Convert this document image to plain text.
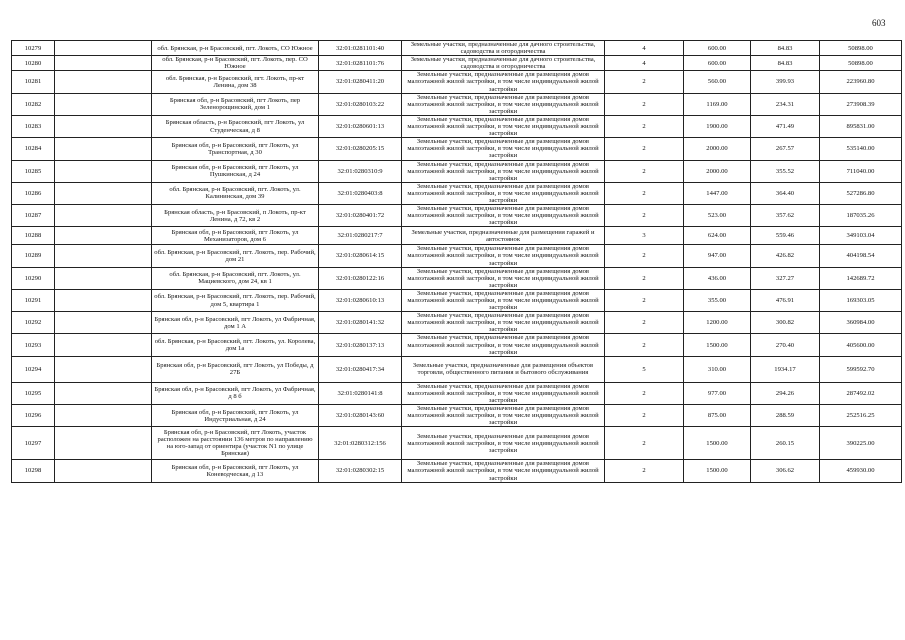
603
10279		обл. Брянская, р-н Брасовский, пгт. Локоть, СО Южное	32:01:0281101:40	Земельные участки, предназначенные для дачного строительства, садоводства и огородничества	4	600.00	84.83	50898.00
10280		обл. Брянская, р-н Брасовский, пгт. Локоть, пер. СО Южное	32:01:0281101:76	Земельные участки, предназначенные для дачного строительства, садоводства и огородничества	4	600.00	84.83	50898.00
10281		обл. Брянская, р-н Брасовский, пгт. Локоть, пр-кт Ленина, дом 38	32:01:0280411:20	Земельные участки, предназначенные для размещения домов малоэтажной жилой застройки, в том числе индивидуальной жилой застройки	2	560.00	399.93	223960.80
10282		Брянская обл, р-н Брасовский, пгт Локоть, пер Зеленорощинский, дом 1	32:01:0280103:22	Земельные участки, предназначенные для размещения домов малоэтажной жилой застройки, в том числе индивидуальной жилой застройки	2	1169.00	234.31	273908.39
10283		Брянская область, р-н Брасовский, пгт Локоть, ул Студенческая, д 8	32:01:0280601:13	Земельные участки, предназначенные для размещения домов малоэтажной жилой застройки, в том числе индивидуальной жилой застройки	2	1900.00	471.49	895831.00
10284		Брянская обл, р-н Брасовский, пгт Локоть, ул Транспортная, д 30	32:01:0280205:15	Земельные участки, предназначенные для размещения домов малоэтажной жилой застройки, в том числе индивидуальной жилой застройки	2	2000.00	267.57	535140.00
10285		Брянская обл, р-н Брасовский, пгт Локоть, ул Пушкинская, д 24	32:01:0280310:9	Земельные участки, предназначенные для размещения домов малоэтажной жилой застройки, в том числе индивидуальной жилой застройки	2	2000.00	355.52	711040.00
10286		обл. Брянская, р-н Брасовский, пгт. Локоть, ул. Калининская, дом 39	32:01:0280403:8	Земельные участки, предназначенные для размещения домов малоэтажной жилой застройки, в том числе индивидуальной жилой застройки	2	1447.00	364.40	527286.80
10287		Брянская область, р-н Брасовский, п Локоть, пр-кт Ленина, д 72, кв 2	32:01:0280401:72	Земельные участки, предназначенные для размещения домов малоэтажной жилой застройки, в том числе индивидуальной жилой застройки	2	523.00	357.62	187035.26
10288		Брянская обл, р-н Брасовский, пгт Локоть, ул Механизаторов, дом 6	32:01:0280217:7	Земельные участки, предназначенные для размещения гаражей и автостоянок	3	624.00	559.46	349103.04
10289		обл. Брянская, р-н Брасовский, пгт. Локоть, пер. Рабочий, дом 21	32:01:0280614:15	Земельные участки, предназначенные для размещения домов малоэтажной жилой застройки, в том числе индивидуальной жилой застройки	2	947.00	426.82	404198.54
10290		обл. Брянская, р-н Брасовский, пгт. Локоть, ул. Мациевского, дом 24, кв 1	32:01:0280122:16	Земельные участки, предназначенные для размещения домов малоэтажной жилой застройки, в том числе индивидуальной жилой застройки	2	436.00	327.27	142689.72
10291		обл. Брянская, р-н Брасовский, пгт. Локоть, пер. Рабочий, дом 5, квартира 1	32:01:0280610:13	Земельные участки, предназначенные для размещения домов малоэтажной жилой застройки, в том числе индивидуальной жилой застройки	2	355.00	476.91	169303.05
10292		Брянская обл, р-н Брасовский, пгт Локоть, ул Фабричная, дом 1 А	32:01:0280141:32	Земельные участки, предназначенные для размещения домов малоэтажной жилой застройки, в том числе индивидуальной жилой застройки	2	1200.00	300.82	360984.00
10293		обл. Брянская, р-н Брасовский, пгт. Локоть, ул. Королева, дом 1а	32:01:0280137:13	Земельные участки, предназначенные для размещения домов малоэтажной жилой застройки, в том числе индивидуальной жилой застройки	2	1500.00	270.40	405600.00
10294		Брянская обл, р-н Брасовский, пгт Локоть, ул Победы, д 27Б	32:01:0280417:34	Земельные участки, предназначенные для размещения объектов торговли, общественного питания и бытового обслуживания	5	310.00	1934.17	599592.70
10295		Брянская обл, р-н Брасовский, пгт Локоть, ул Фабричная, д 8 б	32:01:0280141:8	Земельные участки, предназначенные для размещения домов малоэтажной жилой застройки, в том числе индивидуальной жилой застройки	2	977.00	294.26	287492.02
10296		Брянская обл, р-н Брасовский, пгт Локоть, ул Индустриальная, д 24	32:01:0280143:60	Земельные участки, предназначенные для размещения домов малоэтажной жилой застройки, в том числе индивидуальной жилой застройки	2	875.00	288.59	252516.25
10297		Брянская обл, р-н Брасовский, пгт Локоть, участок расположен на расстоянии 136 метров по направлению на юго-запад от ориентира (участок N1 по улице Брянская)	32:01:0280312:156	Земельные участки, предназначенные для размещения домов малоэтажной жилой застройки, в том числе индивидуальной жилой застройки	2	1500.00	260.15	390225.00
10298		Брянская обл, р-н Брасовский, пгт Локоть, ул Коневодческая, д 13	32:01:0280302:15	Земельные участки, предназначенные для размещения домов малоэтажной жилой застройки, в том числе индивидуальной жилой застройки	2	1500.00	306.62	459930.00
